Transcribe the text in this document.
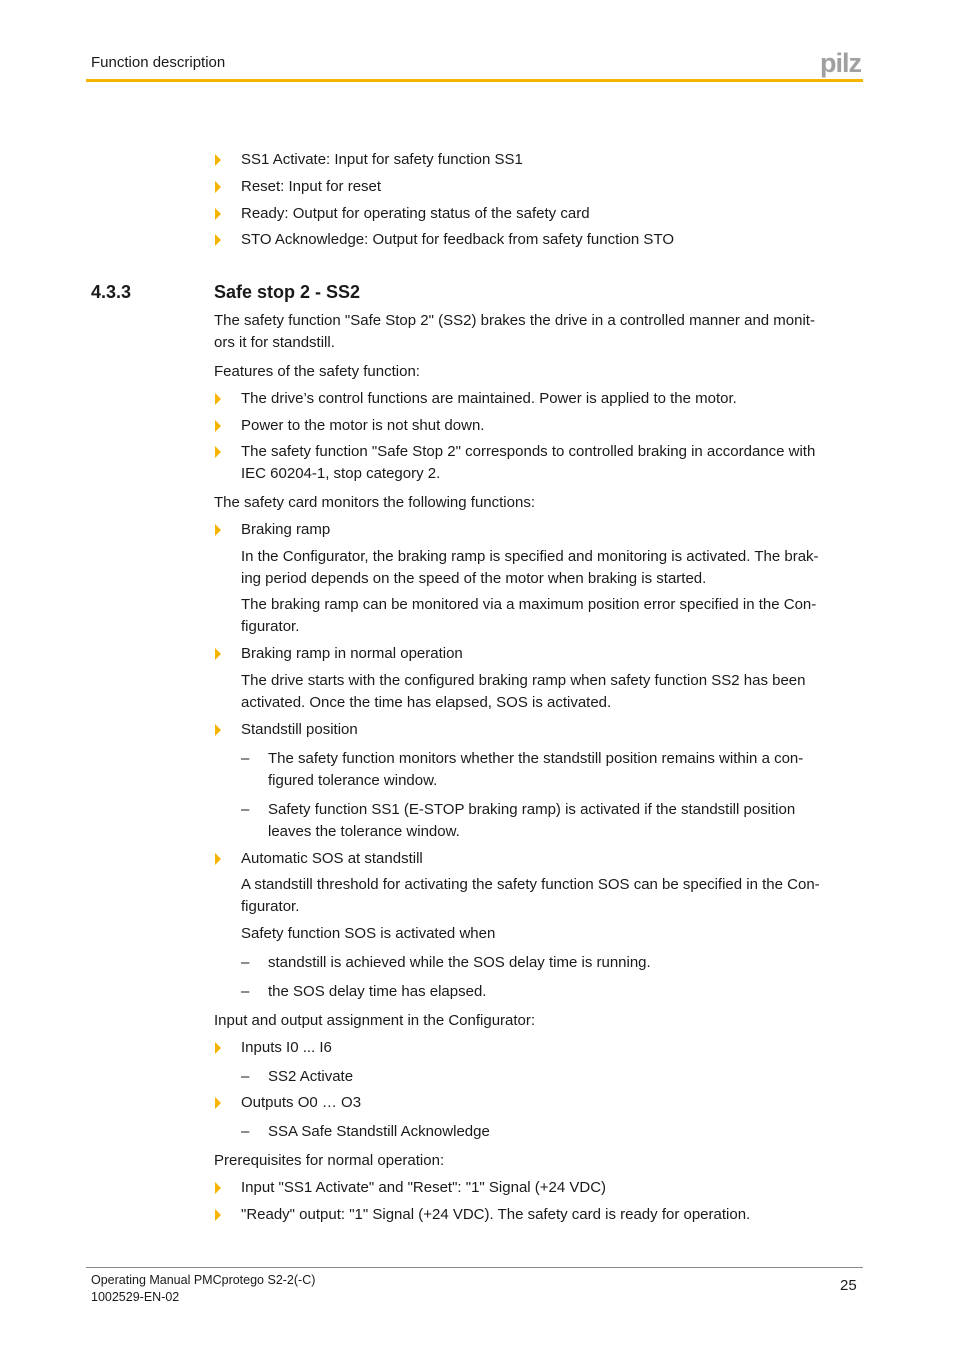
Function description	pilz
SS1 Activate: Input for safety function SS1
Reset: Input for reset
Ready: Output for operating status of the safety card
STO Acknowledge: Output for feedback from safety function STO
4.3.3	Safe stop 2 - SS2
The safety function "Safe Stop 2" (SS2) brakes the drive in a controlled manner and monit-
ors it for standstill.
Features of the safety function:
The drive’s control functions are maintained. Power is applied to the motor.
Power to the motor is not shut down.
The safety function "Safe Stop 2" corresponds to controlled braking in accordance with
IEC 60204-1, stop category 2.
The safety card monitors the following functions:
Braking ramp
In the Configurator, the braking ramp is specified and monitoring is activated. The brak-
ing period depends on the speed of the motor when braking is started.
The braking ramp can be monitored via a maximum position error specified in the Con-
figurator.
Braking ramp in normal operation
The drive starts with the configured braking ramp when safety function SS2 has been
activated. Once the time has elapsed, SOS is activated.
Standstill position
– The safety function monitors whether the standstill position remains within a con-
figured tolerance window.
– Safety function SS1 (E-STOP braking ramp) is activated if the standstill position
leaves the tolerance window.
Automatic SOS at standstill
A standstill threshold for activating the safety function SOS can be specified in the Con-
figurator.
Safety function SOS is activated when
– standstill is achieved while the SOS delay time is running.
– the SOS delay time has elapsed.
Input and output assignment in the Configurator:
Inputs I0 ... I6
– SS2 Activate
Outputs O0 … O3
– SSA Safe Standstill Acknowledge
Prerequisites for normal operation:
Input "SS1 Activate" and "Reset": "1" Signal (+24 VDC)
"Ready" output: "1" Signal (+24 VDC). The safety card is ready for operation.
Operating Manual PMCprotego S2-2(-C)
1002529-EN-02
25
